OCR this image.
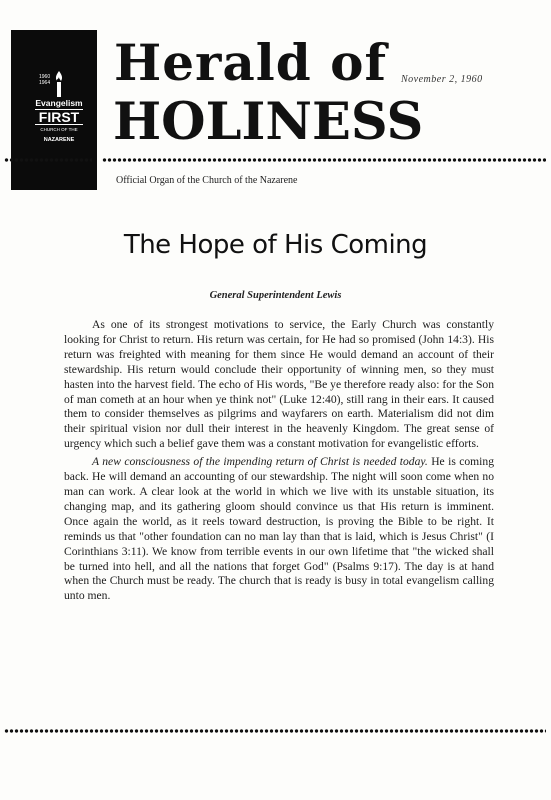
1960
1964
Evangelism
FIRST
CHURCH OF THE
NAZARENE
Herald of November 2, 1960
HOLINESS
Official Organ of the Church of the Nazarene
The Hope of His Coming
General Superintendent Lewis

As one of its strongest motivations to service, the Early Church was constantly looking for Christ to return. His return was certain, for He had so promised (John 14:3). His return was freighted with meaning for them since He would demand an account of their stewardship. His return would conclude their opportunity of winning men, so they must hasten into the harvest field. The echo of His words, "Be ye therefore ready also: for the Son of man cometh at an hour when ye think not" (Luke 12:40), still rang in their ears. It caused them to consider themselves as pilgrims and wayfarers on earth. Materialism did not dim their spiritual vision nor dull their interest in the heavenly Kingdom. The great sense of urgency which such a belief gave them was a constant motivation for evangelistic efforts.

A new consciousness of the impending return of Christ is needed today. He is coming back. He will demand an accounting of our stewardship. The night will soon come when no man can work. A clear look at the world in which we live with its unstable situation, its changing map, and its gathering gloom should convince us that His return is imminent. Once again the world, as it reels toward destruction, is proving the Bible to be right. It reminds us that "other foundation can no man lay than that is laid, which is Jesus Christ" (I Corinthians 3:11). We know from terrible events in our own lifetime that "the wicked shall be turned into hell, and all the nations that forget God" (Psalms 9:17). The day is at hand when the Church must be ready. The church that is ready is busy in total evangelism calling unto men.
